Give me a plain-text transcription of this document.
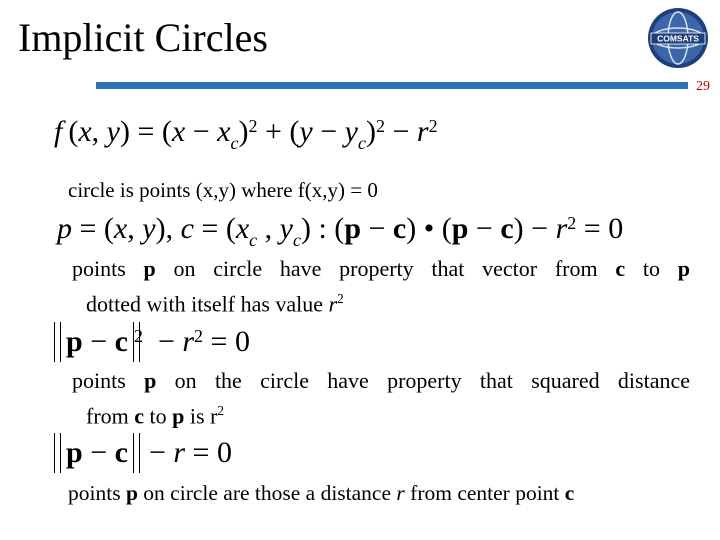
Implicit Circles	COMSATS
29
f (x, $y) = (x - x_c)^2 + (y - y_c)^2 - r^2$
circle is points (x,y) where f(x,y) = 0
p = (x, y), $c = (x_c$ , $y_c$) : (p − c) • $(p - c) - r^2 = 0$
points p on circle have property that vector from c to p
dotted with itself has value $r^2$
p − c $^2 - r^2 = 0$
points p on the circle have property that squared distance
from c to p is $r^2$
p − c  − r = 0
points p on circle are those a distance r from center point c
